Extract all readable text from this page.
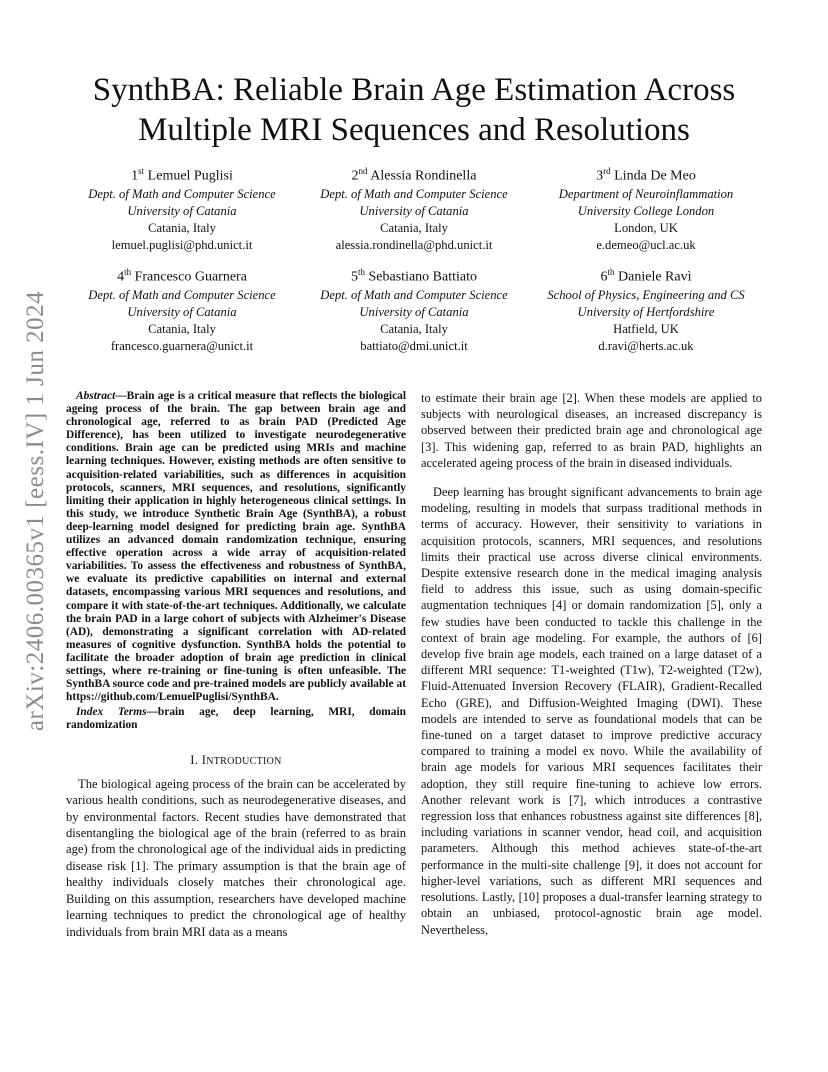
arXiv:2406.00365v1 [eess.IV] 1 Jun 2024
SynthBA: Reliable Brain Age Estimation Across Multiple MRI Sequences and Resolutions
1st Lemuel Puglisi
Dept. of Math and Computer Science
University of Catania
Catania, Italy
lemuel.puglisi@phd.unict.it
2nd Alessia Rondinella
Dept. of Math and Computer Science
University of Catania
Catania, Italy
alessia.rondinella@phd.unict.it
3rd Linda De Meo
Department of Neuroinflammation
University College London
London, UK
e.demeo@ucl.ac.uk
4th Francesco Guarnera
Dept. of Math and Computer Science
University of Catania
Catania, Italy
francesco.guarnera@unict.it
5th Sebastiano Battiato
Dept. of Math and Computer Science
University of Catania
Catania, Italy
battiato@dmi.unict.it
6th Daniele Ravì
School of Physics, Engineering and CS
University of Hertfordshire
Hatfield, UK
d.ravi@herts.ac.uk

Abstract—Brain age is a critical measure that reflects the biological ageing process of the brain. The gap between brain age and chronological age, referred to as brain PAD (Predicted Age Difference), has been utilized to investigate neurodegenerative conditions. Brain age can be predicted using MRIs and machine learning techniques. However, existing methods are often sensitive to acquisition-related variabilities, such as differences in acquisition protocols, scanners, MRI sequences, and resolutions, significantly limiting their application in highly heterogeneous clinical settings. In this study, we introduce Synthetic Brain Age (SynthBA), a robust deep-learning model designed for predicting brain age. SynthBA utilizes an advanced domain randomization technique, ensuring effective operation across a wide array of acquisition-related variabilities. To assess the effectiveness and robustness of SynthBA, we evaluate its predictive capabilities on internal and external datasets, encompassing various MRI sequences and resolutions, and compare it with state-of-the-art techniques. Additionally, we calculate the brain PAD in a large cohort of subjects with Alzheimer's Disease (AD), demonstrating a significant correlation with AD-related measures of cognitive dysfunction. SynthBA holds the potential to facilitate the broader adoption of brain age prediction in clinical settings, where re-training or fine-tuning is often unfeasible. The SynthBA source code and pre-trained models are publicly available at https://github.com/LemuelPuglisi/SynthBA.

Index Terms—brain age, deep learning, MRI, domain randomization

I. INTRODUCTION

The biological ageing process of the brain can be accelerated by various health conditions, such as neurodegenerative diseases, and by environmental factors. Recent studies have demonstrated that disentangling the biological age of the brain (referred to as brain age) from the chronological age of the individual aids in predicting disease risk [1]. The primary assumption is that the brain age of healthy individuals closely matches their chronological age. Building on this assumption, researchers have developed machine learning techniques to predict the chronological age of healthy individuals from brain MRI data as a means

to estimate their brain age [2]. When these models are applied to subjects with neurological diseases, an increased discrepancy is observed between their predicted brain age and chronological age [3]. This widening gap, referred to as brain PAD, highlights an accelerated ageing process of the brain in diseased individuals.

Deep learning has brought significant advancements to brain age modeling, resulting in models that surpass traditional methods in terms of accuracy. However, their sensitivity to variations in acquisition protocols, scanners, MRI sequences, and resolutions limits their practical use across diverse clinical environments. Despite extensive research done in the medical imaging analysis field to address this issue, such as using domain-specific augmentation techniques [4] or domain randomization [5], only a few studies have been conducted to tackle this challenge in the context of brain age modeling. For example, the authors of [6] develop five brain age models, each trained on a large dataset of a different MRI sequence: T1-weighted (T1w), T2-weighted (T2w), Fluid-Attenuated Inversion Recovery (FLAIR), Gradient-Recalled Echo (GRE), and Diffusion-Weighted Imaging (DWI). These models are intended to serve as foundational models that can be fine-tuned on a target dataset to improve predictive accuracy compared to training a model ex novo. While the availability of brain age models for various MRI sequences facilitates their adoption, they still require fine-tuning to achieve low errors. Another relevant work is [7], which introduces a contrastive regression loss that enhances robustness against site differences [8], including variations in scanner vendor, head coil, and acquisition parameters. Although this method achieves state-of-the-art performance in the multi-site challenge [9], it does not account for higher-level variations, such as different MRI sequences and resolutions. Lastly, [10] proposes a dual-transfer learning strategy to obtain an unbiased, protocol-agnostic brain age model. Nevertheless,
